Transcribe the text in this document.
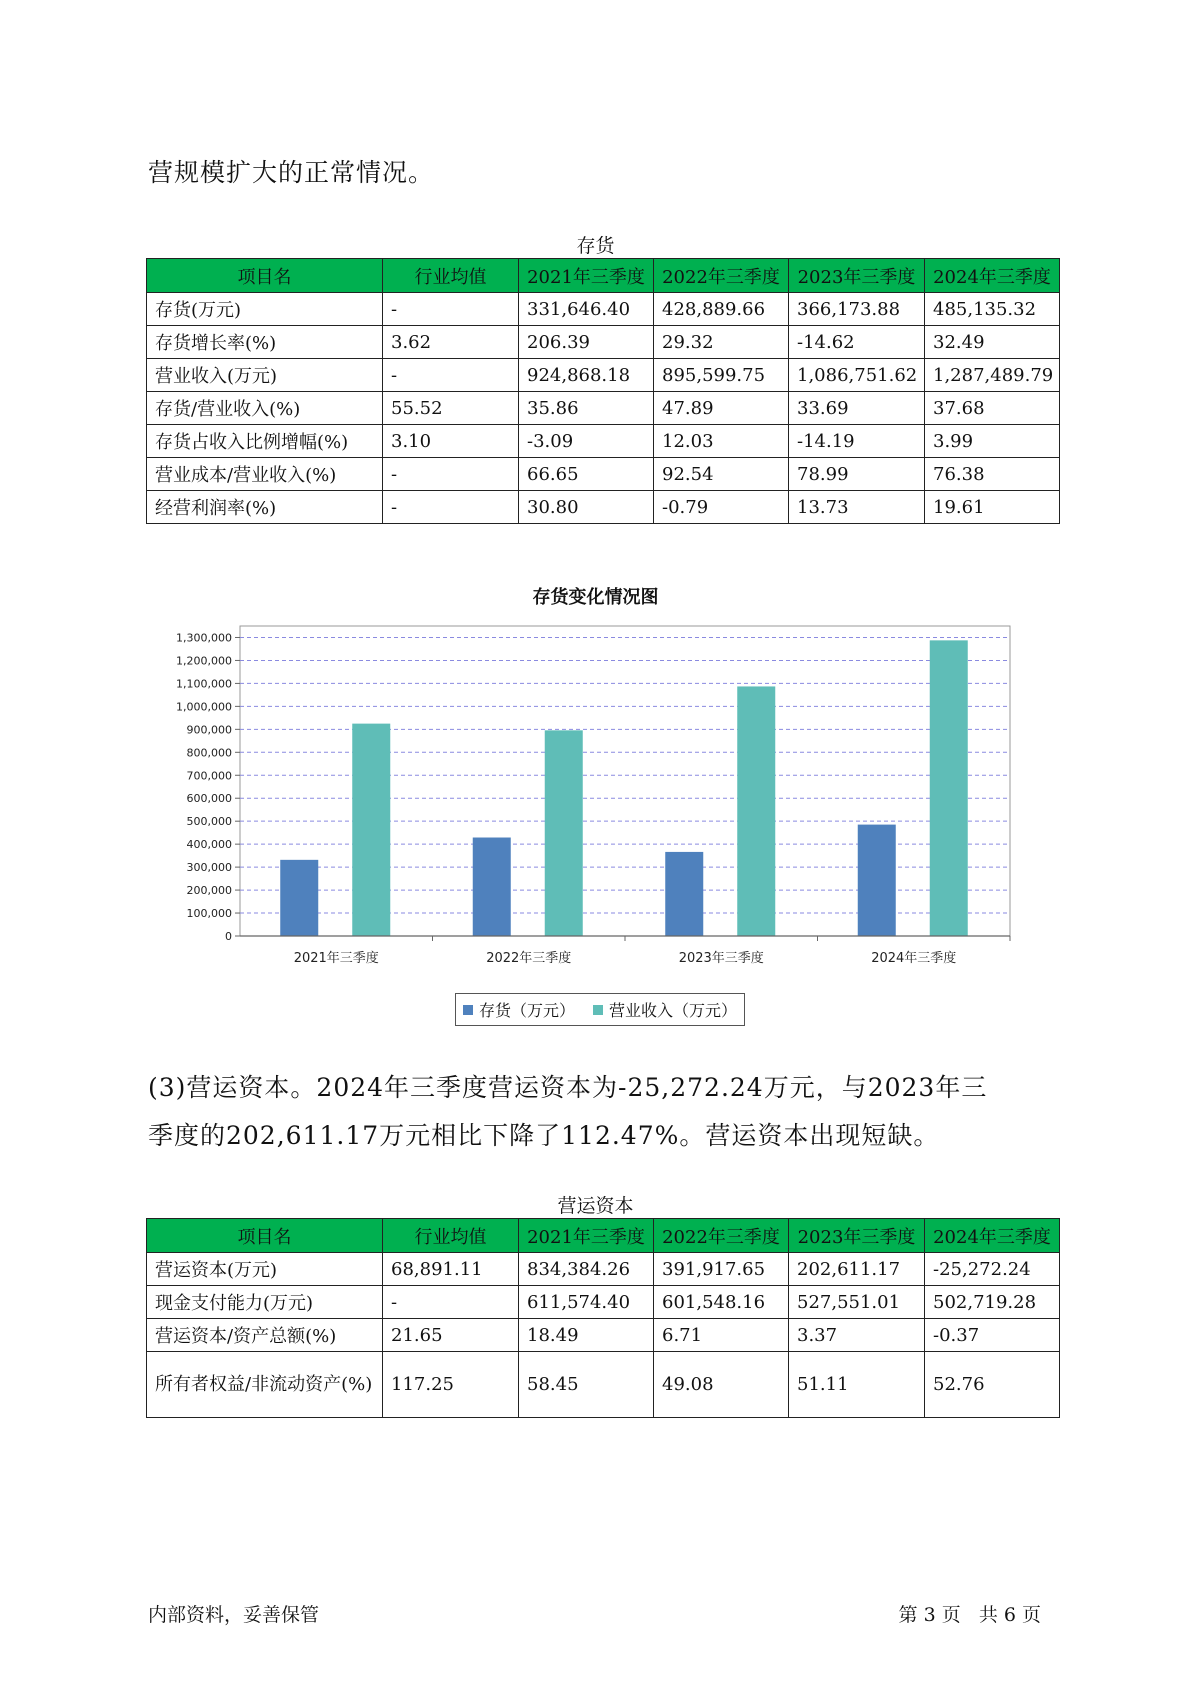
营规模扩大的正常情况。

存货

项目名	行业均值	2021年三季度	2022年三季度	2023年三季度	2024年三季度
存货(万元)	-	331,646.40	428,889.66	366,173.88	485,135.32
存货增长率(%)	3.62	206.39	29.32	-14.62	32.49
营业收入(万元)	-	924,868.18	895,599.75	1,086,751.62	1,287,489.79
存货/营业收入(%)	55.52	35.86	47.89	33.69	37.68
存货占收入比例增幅(%)	3.10	-3.09	12.03	-14.19	3.99
营业成本/营业收入(%)	-	66.65	92.54	78.99	76.38
经营利润率(%)	-	30.80	-0.79	13.73	19.61

存货变化情况图

0
100,000
200,000
300,000
400,000
500,000
600,000
700,000
800,000
900,000
1,000,000
1,100,000
1,200,000
1,300,000
2021年三季度	2022年三季度	2023年三季度	2024年三季度
存货（万元） 营业收入（万元）

(3)营运资本。2024年三季度营运资本为-25,272.24万元，与2023年三

季度的202,611.17万元相比下降了112.47%。营运资本出现短缺。

营运资本

项目名	行业均值	2021年三季度	2022年三季度	2023年三季度	2024年三季度
营运资本(万元)	68,891.11	834,384.26	391,917.65	202,611.17	-25,272.24
现金支付能力(万元)	-	611,574.40	601,548.16	527,551.01	502,719.28
营运资本/资产总额(%)	21.65	18.49	6.71	3.37	-0.37
所有者权益/非流动资产(%)	117.25	58.45	49.08	51.11	52.76
内部资料，妥善保管	第 3 页   共 6 页
